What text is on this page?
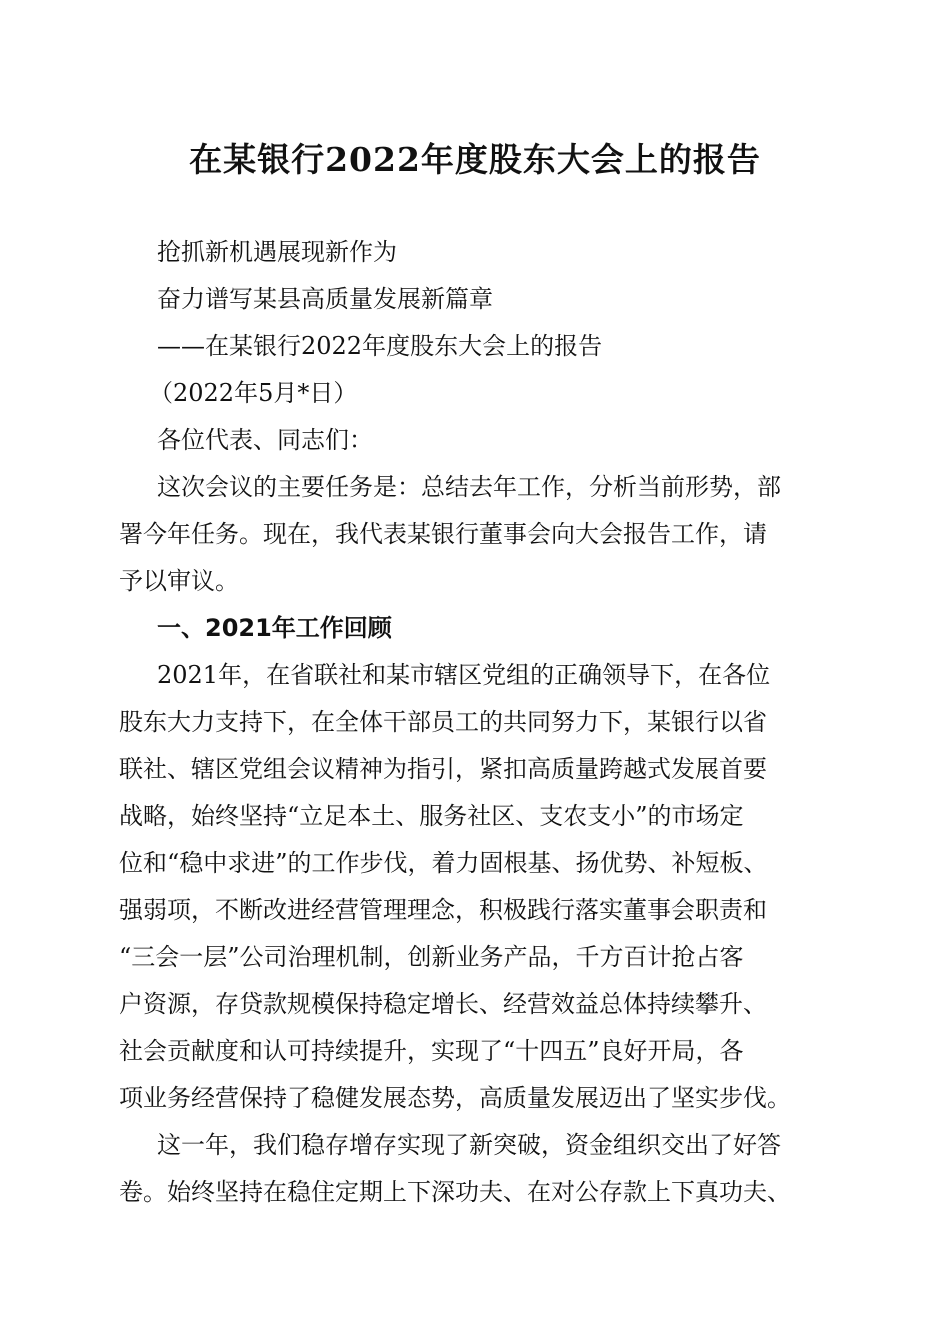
在某银行2022年度股东大会上的报告
抢抓新机遇展现新作为
奋力谱写某县高质量发展新篇章
——在某银行2022年度股东大会上的报告
（2022年5月*日）
各位代表、同志们：
这次会议的主要任务是：总结去年工作，分析当前形势，部
署今年任务。现在，我代表某银行董事会向大会报告工作，请
予以审议。
一、2021年工作回顾
2021年，在省联社和某市辖区党组的正确领导下，在各位
股东大力支持下，在全体干部员工的共同努力下，某银行以省
联社、辖区党组会议精神为指引，紧扣高质量跨越式发展首要
战略，始终坚持“立足本土、服务社区、支农支小”的市场定
位和“稳中求进”的工作步伐，着力固根基、扬优势、补短板、
强弱项，不断改进经营管理理念，积极践行落实董事会职责和
“三会一层”公司治理机制，创新业务产品，千方百计抢占客
户资源，存贷款规模保持稳定增长、经营效益总体持续攀升、
社会贡献度和认可持续提升，实现了“十四五”良好开局，各
项业务经营保持了稳健发展态势，高质量发展迈出了坚实步伐。
这一年，我们稳存增存实现了新突破，资金组织交出了好答
卷。始终坚持在稳住定期上下深功夫、在对公存款上下真功夫、
